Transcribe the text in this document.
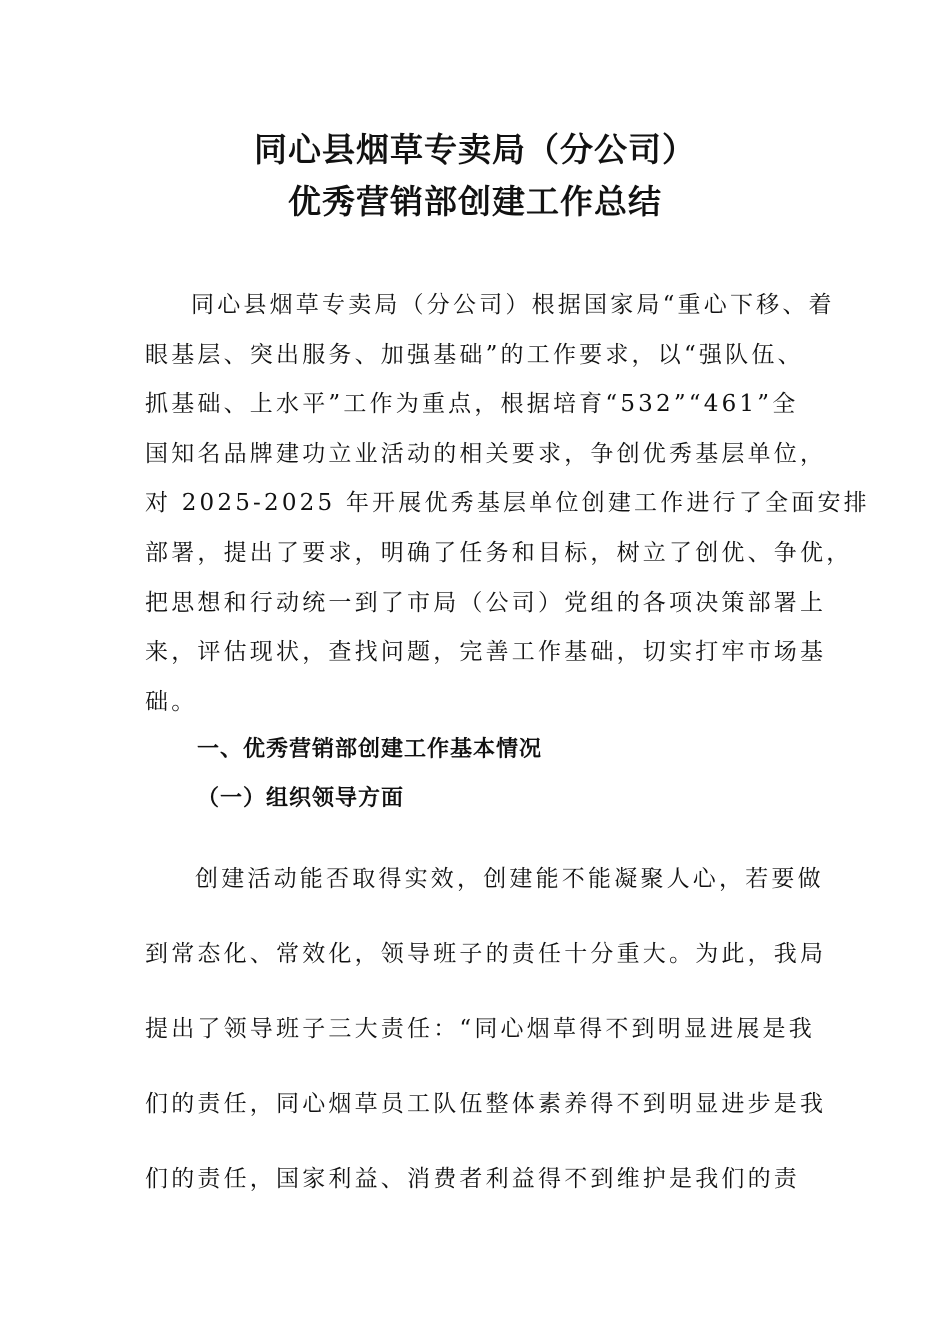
同心县烟草专卖局（分公司）
优秀营销部创建工作总结
同心县烟草专卖局（分公司）根据国家局“重心下移、着
眼基层、突出服务、加强基础”的工作要求，以“强队伍、
抓基础、上水平”工作为重点，根据培育“532”“461”全
国知名品牌建功立业活动的相关要求，争创优秀基层单位，
对 2025-2025 年开展优秀基层单位创建工作进行了全面安排
部署，提出了要求，明确了任务和目标，树立了创优、争优，
把思想和行动统一到了市局（公司）党组的各项决策部署上
来，评估现状，查找问题，完善工作基础，切实打牢市场基
础。
一、优秀营销部创建工作基本情况
（一）组织领导方面
创建活动能否取得实效，创建能不能凝聚人心，若要做
到常态化、常效化，领导班子的责任十分重大。为此，我局
提出了领导班子三大责任：“同心烟草得不到明显进展是我
们的责任，同心烟草员工队伍整体素养得不到明显进步是我
们的责任，国家利益、消费者利益得不到维护是我们的责
